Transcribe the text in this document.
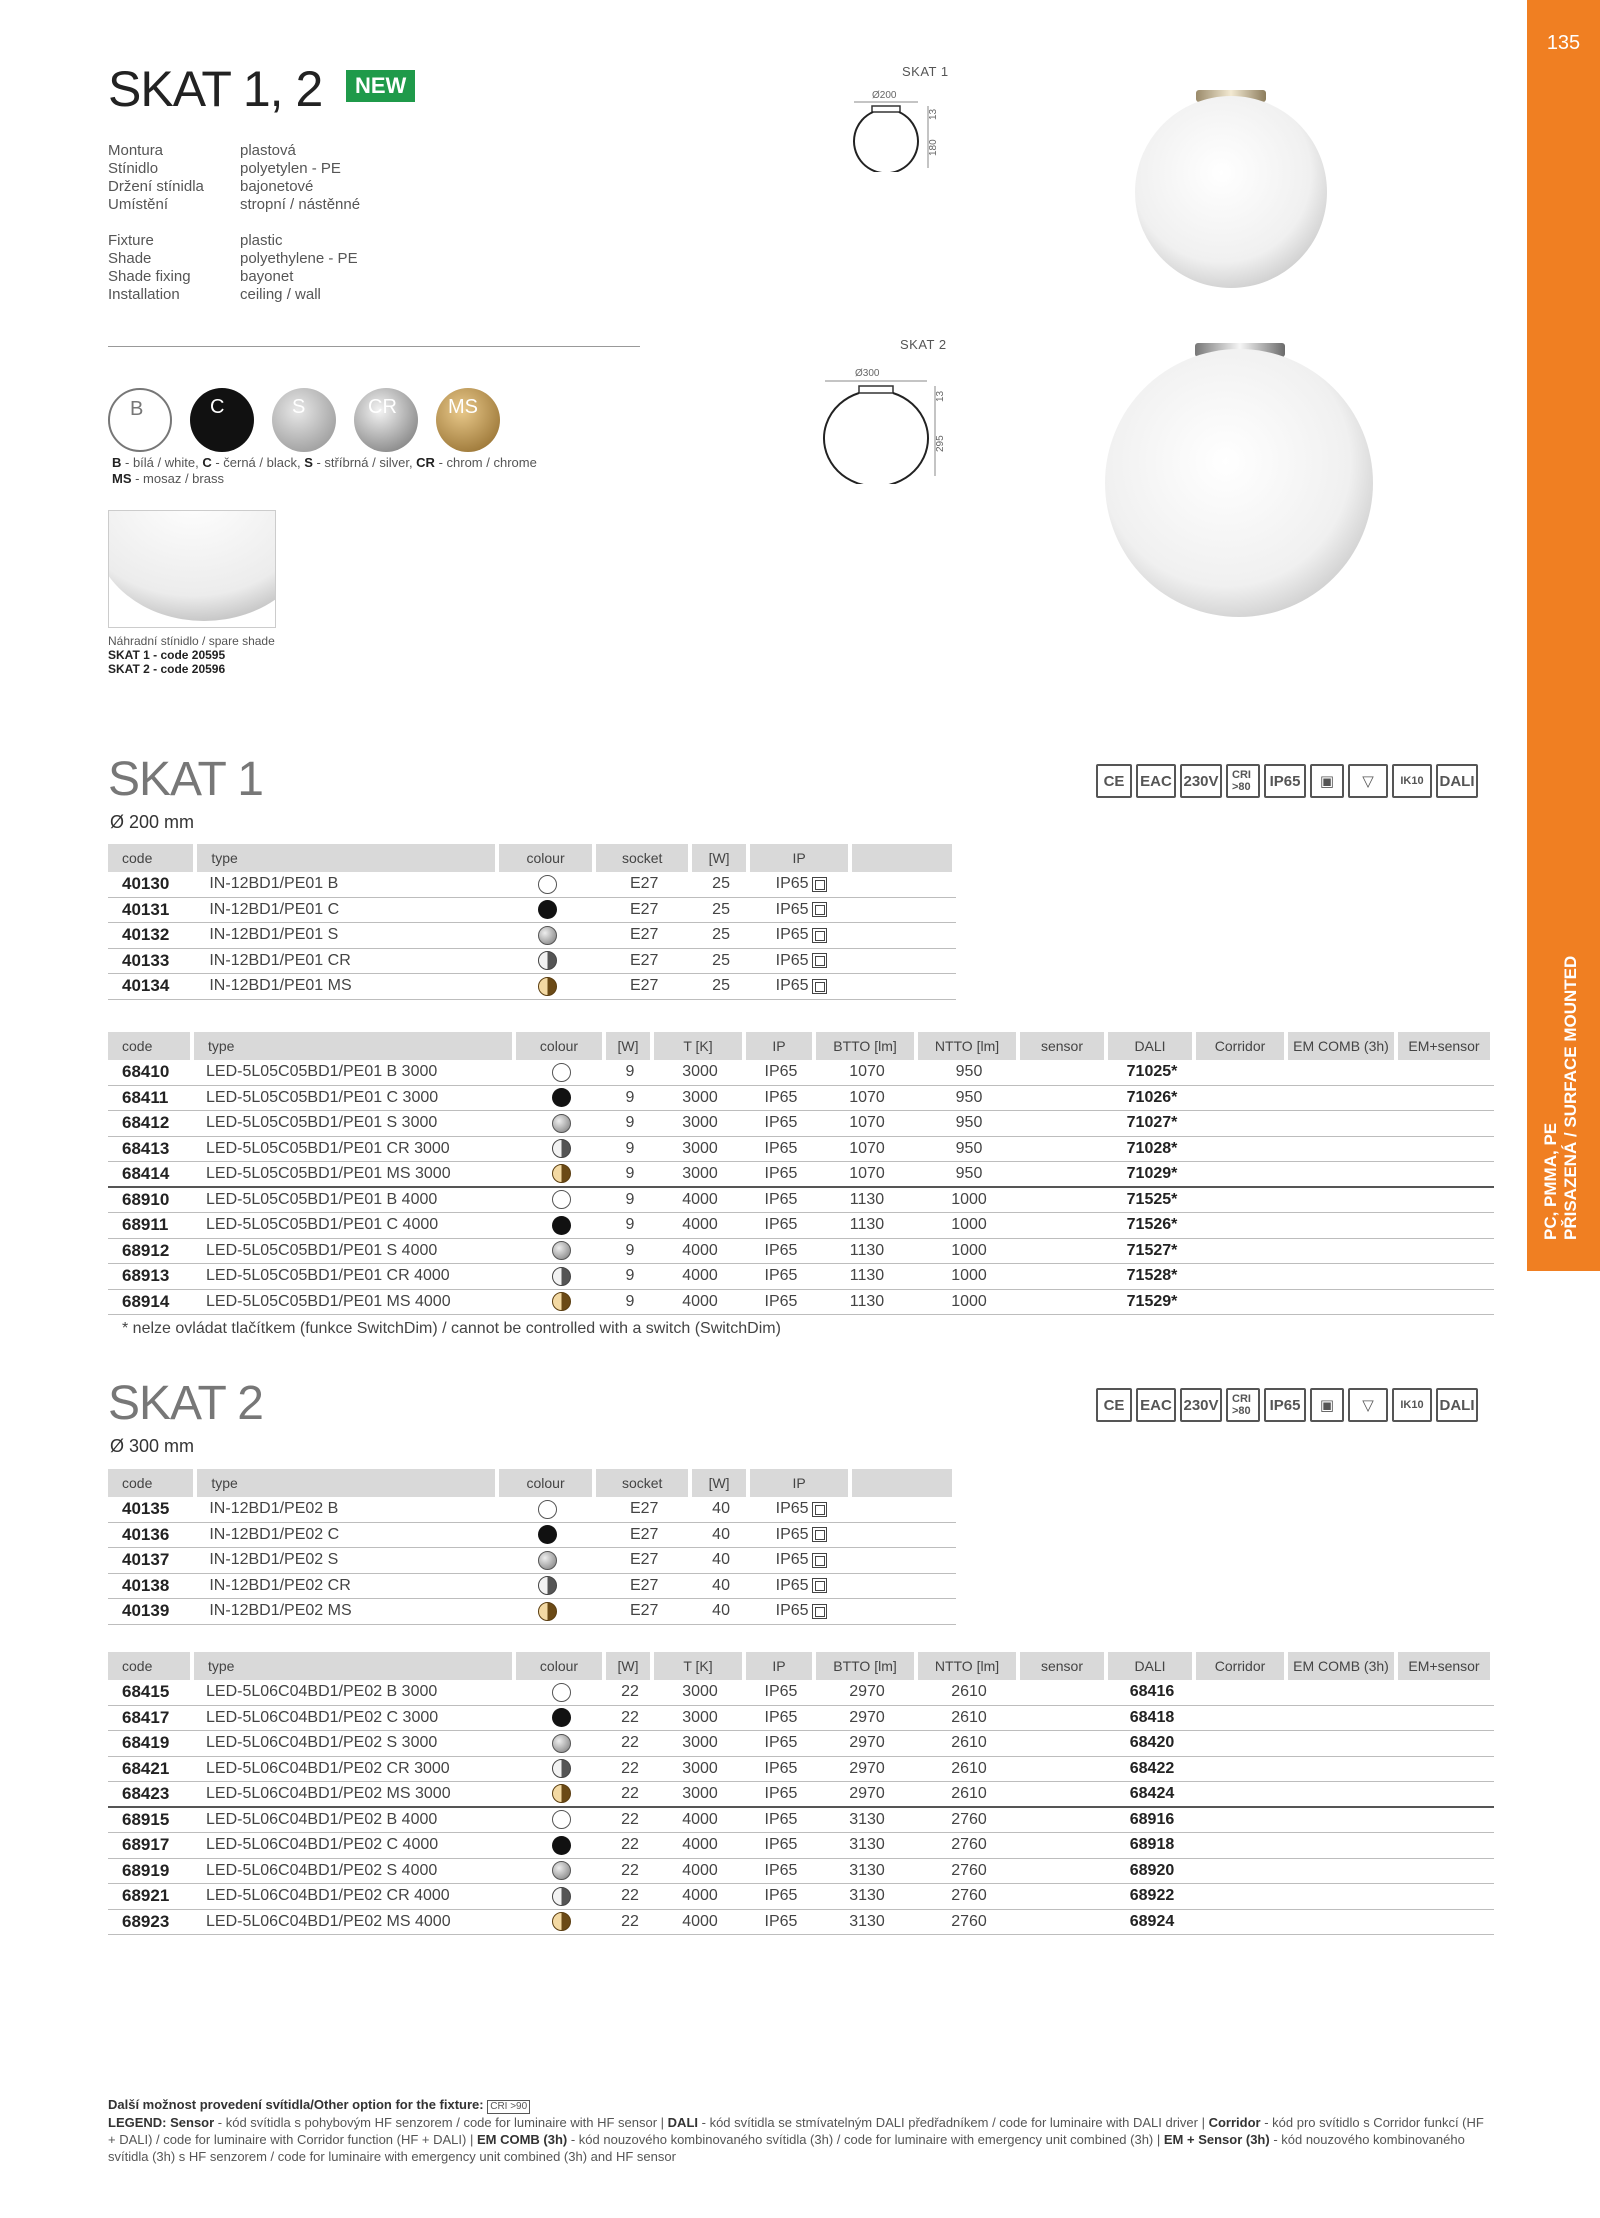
135
PC, PMMA, PE PŘISAZENÁ / SURFACE MOUNTED
SKAT 1, 2	NEW
Montura	plastová
Stínidlo	polyetylen - PE
Držení stínidla	bajonetové
Umístění	stropní / nástěnné
Fixture	plastic
Shade	polyethylene - PE
Shade fixing	bayonet
Installation	ceiling / wall
B	C	S	CR	MS
B - bílá / white, C - černá / black, S - stříbrná / silver, CR - chrom / chrome
MS - mosaz / brass
Náhradní stínidlo / spare shade
SKAT 1 - code 20595
SKAT 2 - code 20596
SKAT 1
Ø200
180
13
SKAT 2
Ø300
295
13
SKAT 1
Ø 200 mm
CE	EAC 230V	CRI >80	IP65	▣	▽	IK10	DALI
code	type	colour	socket	[W]	IP	
40130	IN-12BD1/PE01 B		E27	25	IP65	
40131	IN-12BD1/PE01 C		E27	25	IP65	
40132	IN-12BD1/PE01 S		E27	25	IP65	
40133	IN-12BD1/PE01 CR		E27	25	IP65	
40134	IN-12BD1/PE01 MS		E27	25	IP65	
code	type	colour	[W]	T [K]	IP	BTTO [lm]	NTTO [lm]	sensor	DALI	Corridor	EM COMB (3h)	EM+sensor
68410	LED-5L05C05BD1/PE01 B 3000		9	3000	IP65	1070	950		71025*			
68411	LED-5L05C05BD1/PE01 C 3000		9	3000	IP65	1070	950		71026*			
68412	LED-5L05C05BD1/PE01 S 3000		9	3000	IP65	1070	950		71027*			
68413	LED-5L05C05BD1/PE01 CR 3000		9	3000	IP65	1070	950		71028*			
68414	LED-5L05C05BD1/PE01 MS 3000		9	3000	IP65	1070	950		71029*			
68910	LED-5L05C05BD1/PE01 B 4000		9	4000	IP65	1130	1000		71525*			
68911	LED-5L05C05BD1/PE01 C 4000		9	4000	IP65	1130	1000		71526*			
68912	LED-5L05C05BD1/PE01 S 4000		9	4000	IP65	1130	1000		71527*			
68913	LED-5L05C05BD1/PE01 CR 4000		9	4000	IP65	1130	1000		71528*			
68914	LED-5L05C05BD1/PE01 MS 4000		9	4000	IP65	1130	1000		71529*			
* nelze ovládat tlačítkem (funkce SwitchDim) / cannot be controlled with a switch (SwitchDim)
SKAT 2
Ø 300 mm
CE	EAC 230V	CRI >80	IP65	▣	▽	IK10	DALI
code	type	colour	socket	[W]	IP	
40135	IN-12BD1/PE02 B		E27	40	IP65	
40136	IN-12BD1/PE02 C		E27	40	IP65	
40137	IN-12BD1/PE02 S		E27	40	IP65	
40138	IN-12BD1/PE02 CR		E27	40	IP65	
40139	IN-12BD1/PE02 MS		E27	40	IP65	
code	type	colour	[W]	T [K]	IP	BTTO [lm]	NTTO [lm]	sensor	DALI	Corridor	EM COMB (3h)	EM+sensor
68415	LED-5L06C04BD1/PE02 B 3000		22	3000	IP65	2970	2610		68416			
68417	LED-5L06C04BD1/PE02 C 3000		22	3000	IP65	2970	2610		68418			
68419	LED-5L06C04BD1/PE02 S 3000		22	3000	IP65	2970	2610		68420			
68421	LED-5L06C04BD1/PE02 CR 3000		22	3000	IP65	2970	2610		68422			
68423	LED-5L06C04BD1/PE02 MS 3000		22	3000	IP65	2970	2610		68424			
68915	LED-5L06C04BD1/PE02 B 4000		22	4000	IP65	3130	2760		68916			
68917	LED-5L06C04BD1/PE02 C 4000		22	4000	IP65	3130	2760		68918			
68919	LED-5L06C04BD1/PE02 S 4000		22	4000	IP65	3130	2760		68920			
68921	LED-5L06C04BD1/PE02 CR 4000		22	4000	IP65	3130	2760		68922			
68923	LED-5L06C04BD1/PE02 MS 4000		22	4000	IP65	3130	2760		68924			
Další možnost provedení svítidla/Other option for the fixture: CRI >90
LEGEND: Sensor - kód svítidla s pohybovým HF senzorem / code for luminaire with HF sensor | DALI - kód svítidla se stmívatelným DALI předřadníkem / code for luminaire with DALI driver | Corridor - kód pro svítidlo s Corridor funkcí (HF + DALI) / code for luminaire with Corridor function (HF + DALI) | EM COMB (3h) - kód nouzového kombinovaného svítidla (3h) / code for luminaire with emergency unit combined (3h) | EM + Sensor (3h) - kód nouzového kombinovaného svítidla (3h) s HF senzorem / code for luminaire with emergency unit combined (3h) and HF sensor
